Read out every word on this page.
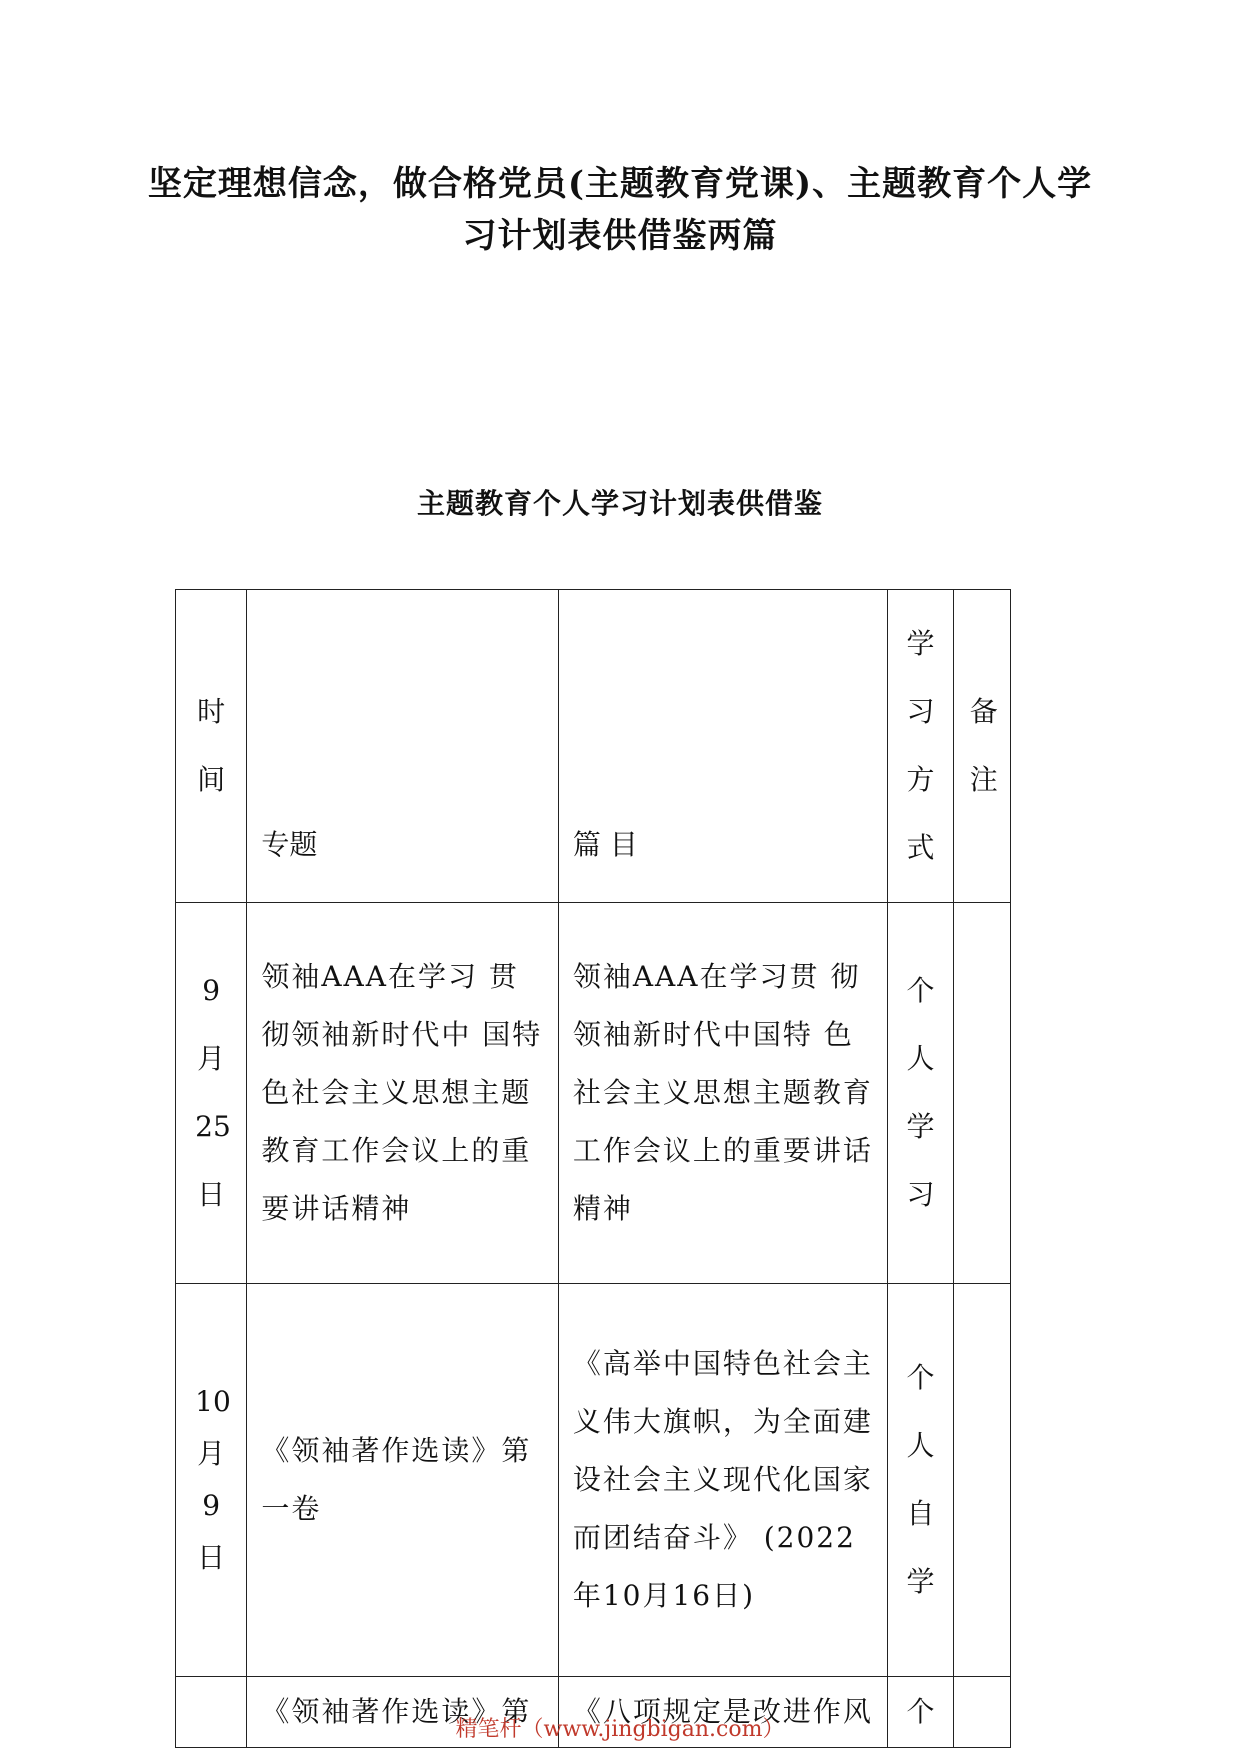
坚定理想信念，做合格党员(主题教育党课)、主题教育个人学习计划表供借鉴两篇
主题教育个人学习计划表供借鉴
时间	专题	篇 目	学习方式	备注

9 月25日	领袖AAA在学习 贯彻领袖新时代中 国特色社会主义思想主题教育工作会议上的重要讲话精神	领袖AAA在学习贯 彻领袖新时代中国特 色社会主义思想主题教育工作会议上的重要讲话精神	个人学习	

10月9日	《领袖著作选读》第一卷	《高举中国特色社会主义伟大旗帜，为全面建设社会主义现代化国家而团结奋斗》 (2022年10月16日)	个人自学	

	《领袖著作选读》第	《八项规定是改进作风	个	

精笔杆（www.jingbigan.com）
